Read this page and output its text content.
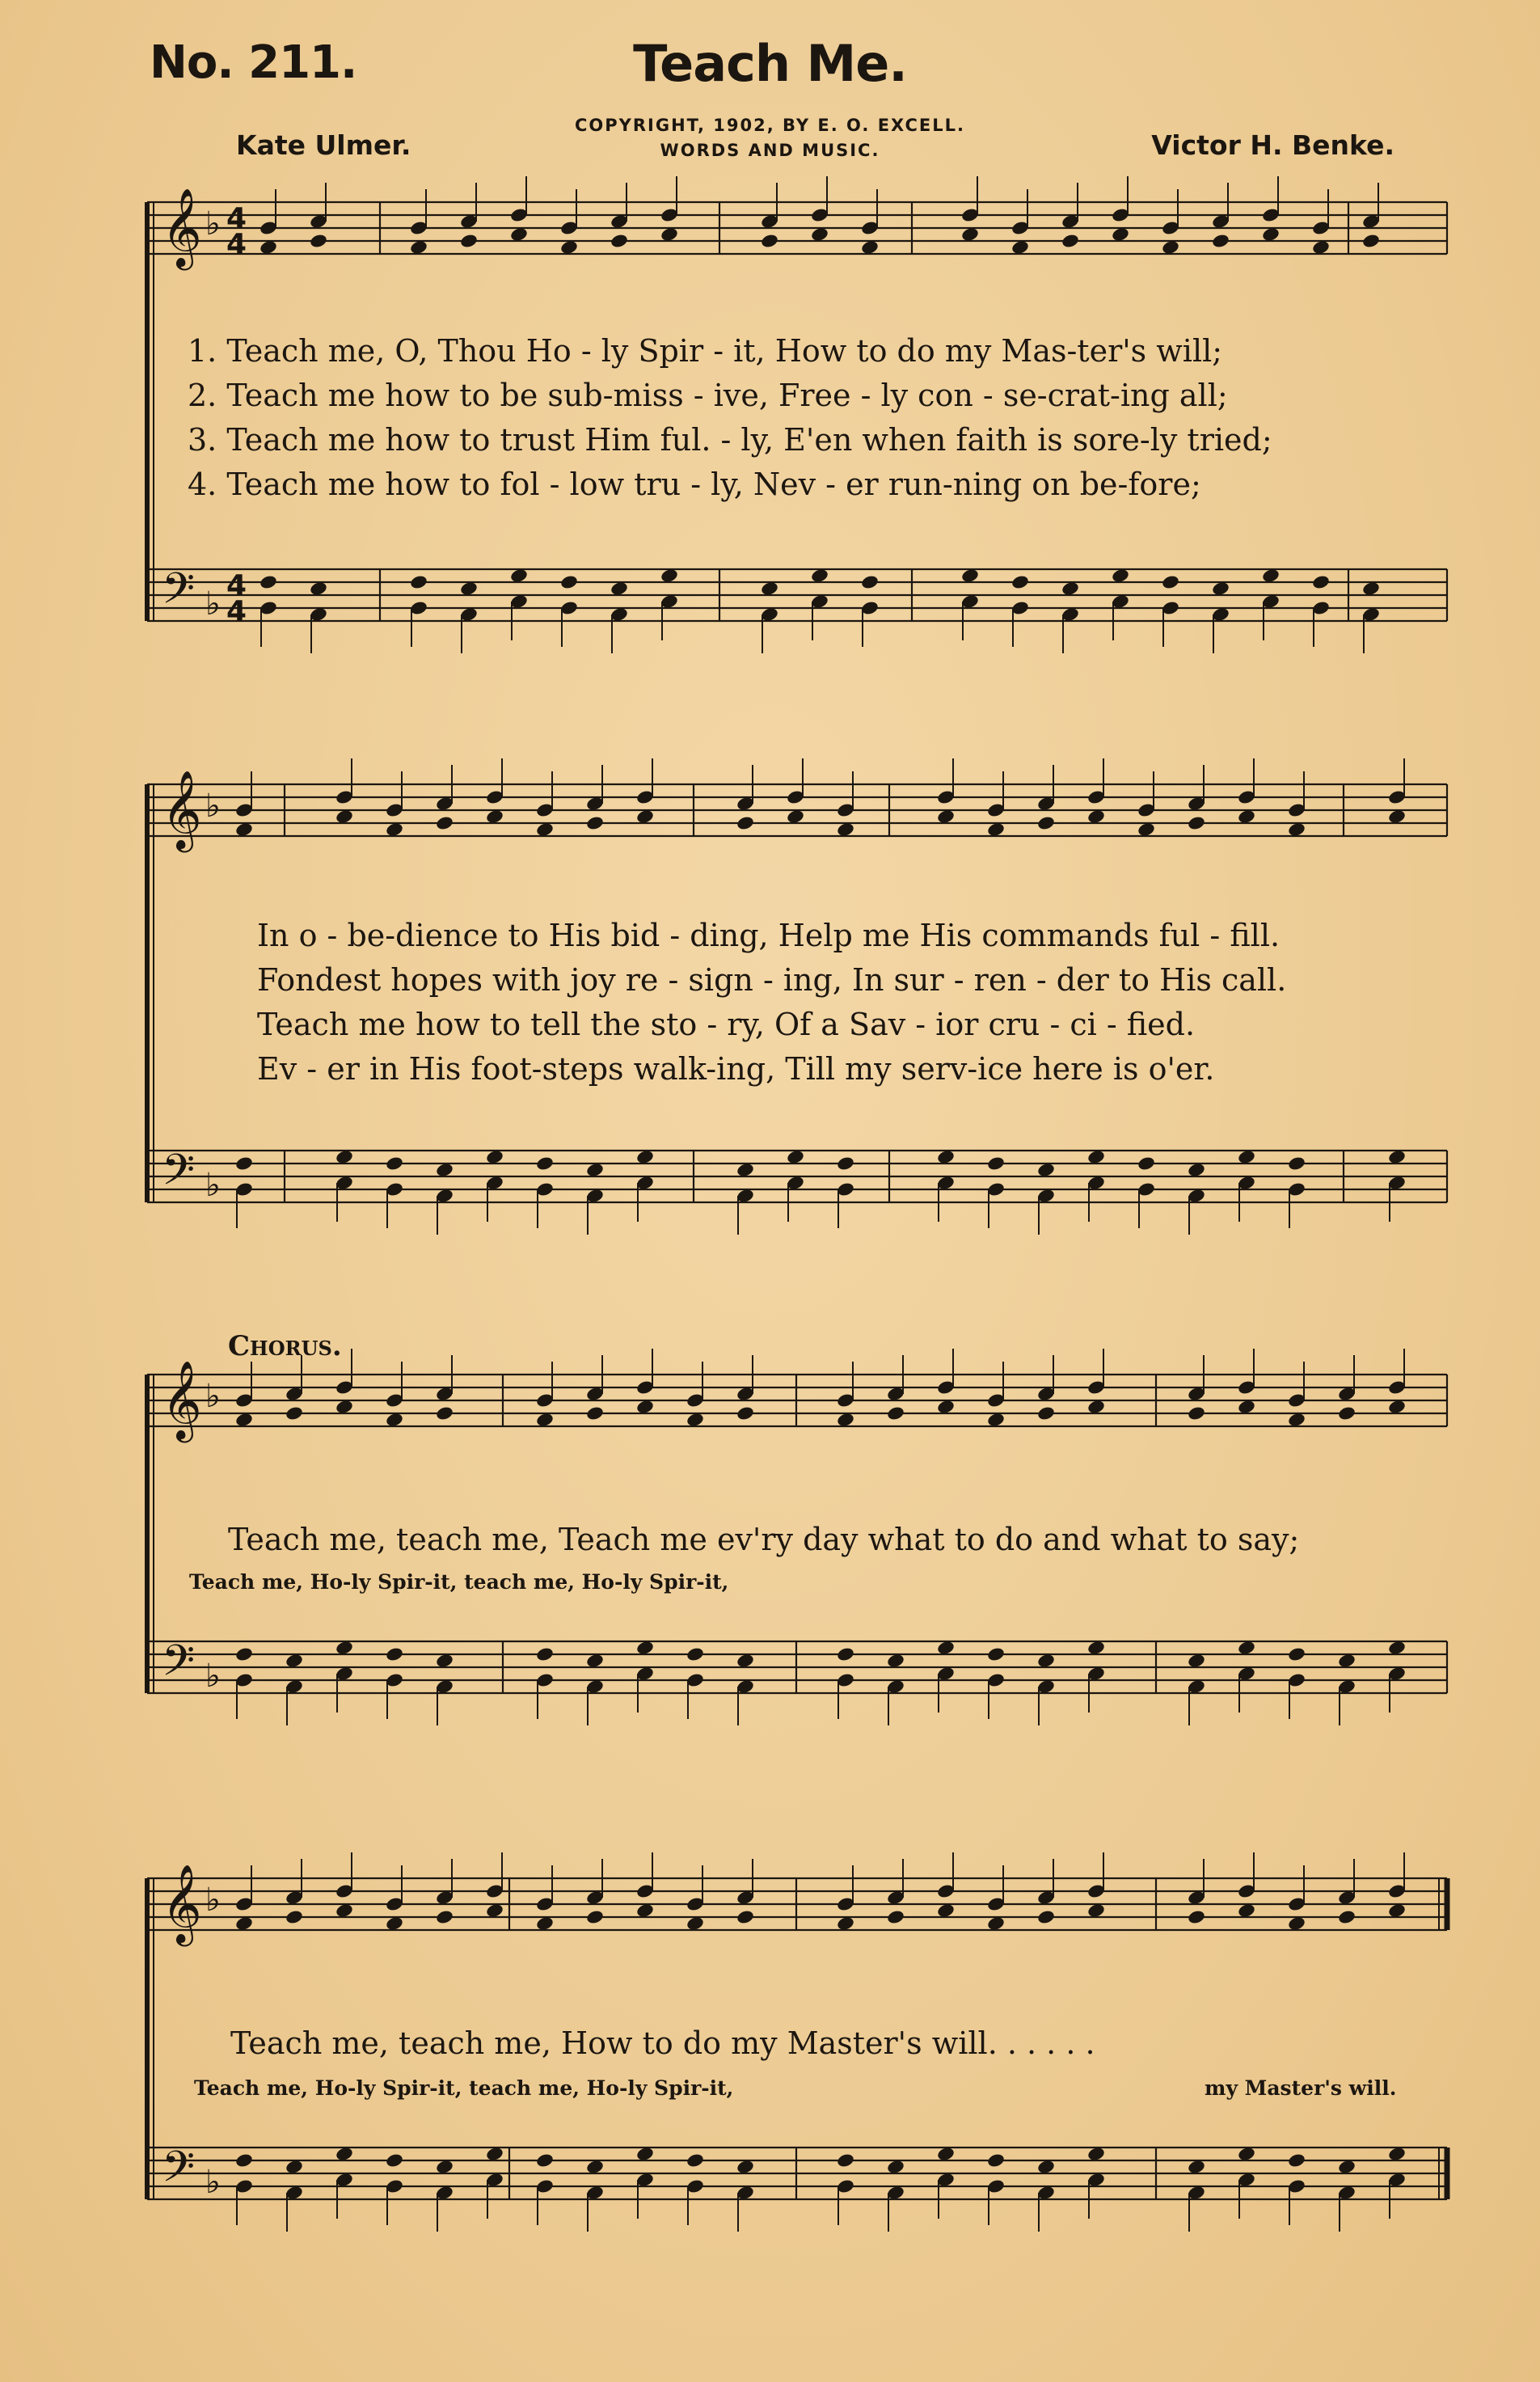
No. 211.	Teach Me.
Kate Ulmer.	Victor H. Benke.
COPYRIGHT, 1902, BY E. O. EXCELL.
WORDS AND MUSIC.
𝄞
𝄢
♭
♭
4
4
4
4
𝄞
𝄢
♭
♭
𝄞
𝄢
♭
♭
𝄞
𝄢
♭
♭
1. Teach me, O, Thou Ho - ly Spir - it, How to do my Mas-ter's will;
2. Teach me how to be sub-miss - ive, Free - ly con - se-crat-ing all;
3. Teach me how to trust Him ful. - ly, E'en when faith is sore-ly tried;
4. Teach me how to fol - low tru - ly, Nev - er run-ning on be-fore;
In o - be-dience to His bid - ding, Help me His commands ful - fill.
Fondest hopes with joy re - sign - ing, In sur - ren - der to His call.
Teach me how to tell the sto - ry, Of a Sav - ior cru - ci - fied.
Ev - er in His foot-steps walk-ing, Till my serv-ice here is o'er.
Chorus.
Teach me, teach me, Teach me ev'ry day what to do and what to say;
Teach me, Ho-ly Spir-it, teach me, Ho-ly Spir-it,
Teach me, teach me, How to do my Master's will. . . . . .
Teach me, Ho-ly Spir-it, teach me, Ho-ly Spir-it,	my Master's will.
